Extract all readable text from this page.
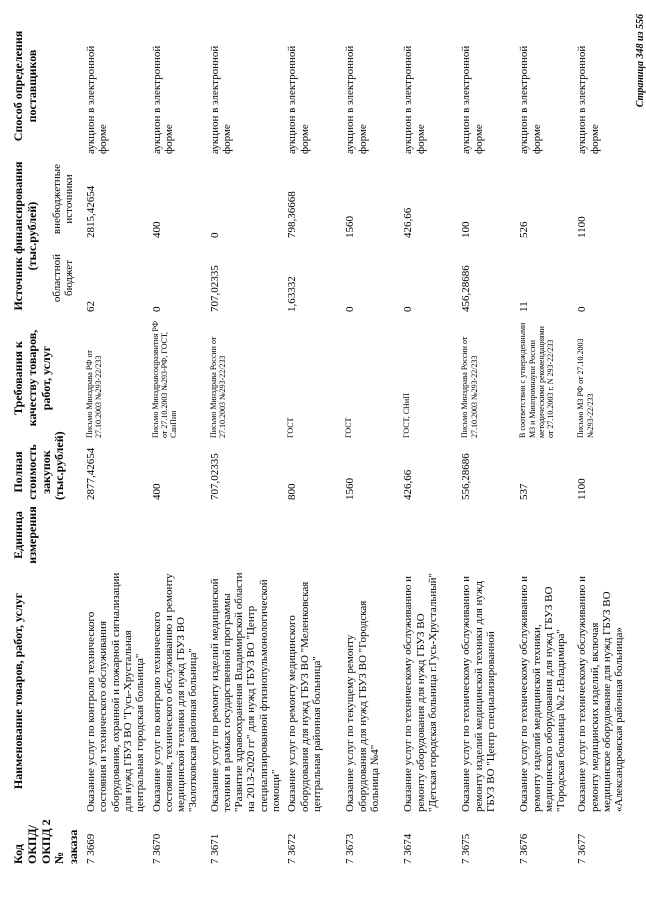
Код ОКПД/ ОКПД 2 № заказа	Наименование товаров, работ, услуг	Единица измерения	Полная стоимость закупок (тыс.рублей)	Требования к качеству товаров, работ, услуг	Источник финансирования (тыс.рублей)		Способ определения поставщиков
					областной бюджет	внебюджетные источники	
7 3669	Оказание услуг по контролю технического состояния и технического обслуживания оборудования, охранной и пожарной сигнализации для нужд ГБУЗ ВО "Гусь-Хрустальная центральная городская больница"		2877,42654	Письмо Минздрава РФ от 27.10.2003 №293-22/233	62	2815,42654	аукцион в электронной форме
7 3670	Оказание услуг по контролю технического состояния, технического обслуживанию и ремонту медицинской техники для нужд ГБУЗ ВО "Золотковская районная больница"		400	Письмо Минздравсоцразвития РФ от 27.10.2003 №293-РФ, ГОСТ, СанПин	0	400	аукцион в электронной форме
7 3671	Оказание услуг по ремонту изделий медицинской техники в рамках государственной программы "Развитие здравоохранения Владимирской области на 2013-2020 гг" для нужд ГБУЗ ВО "Центр специализированной фтизиопульмонологической помощи"		707,02335	Письмо Минздрава России от 27.10.2003 №293-22/233	707,02335	0	аукцион в электронной форме
7 3672	Оказание услуг по ремонту медицинского оборудования для нужд ГБУЗ ВО "Меленковская центральная районная больница"		800	ГОСТ	1,63332	798,36668	аукцион в электронной форме
7 3673	Оказание услуг по текущему ремонту оборудования для нужд ГБУЗ ВО "Городская больница №4"		1560	ГОСТ	0	1560	аукцион в электронной форме
7 3674	Оказание услуг по техническому обслуживанию и ремонту оборудования для нужд ГБУЗ ВО "Детская городская больница г.Гусь-Хрустальный"		426,66	ГОСТ, СНиП	0	426,66	аукцион в электронной форме
7 3675	Оказание услуг по техническому обслуживанию и ремонту изделий медицинской техники для нужд ГБУЗ ВО "Центр специализированной		556,28686	Письмо Минздрава России от 27.10.2003 №293-22/233	456,28686	100	аукцион в электронной форме
7 3676	Оказание услуг по техническому обслуживанию и ремонту изделий медицинской техники, медицинского оборудования для нужд ГБУЗ ВО "Городская больница №2 г.Владимира"		537	В соответствии с утвержденными МЗ и Минпромнауки России методическими рекомендациями от 27.10.2003 г. N 293-22/233	11	526	аукцион в электронной форме
7 3677	Оказание услуг по техническому обслуживанию и ремонту медицинских изделий, включая медицинское оборудование для нужд ГБУЗ ВО «Александровская районная больница»		1100	Письмо МЗ РФ от 27.10.2003 №293-22/233	0	1100	аукцион в электронной форме
Страница 348 из 556
